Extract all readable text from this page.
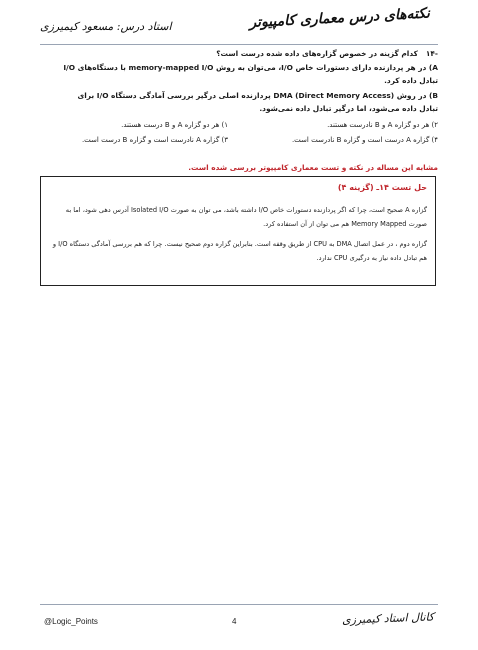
نکته‌های درس معماری کامپیوتر
استاد درس: مسعود کیمیرزی
-۱۴کدام گزینه در خصوص گزاره‌های داده شده درست است؟
A) در هر پردازنده دارای دستورات خاص I/O، می‌توان به روش memory-mapped I/O با دستگاه‌های I/O
تبادل داده کرد.
B) در روش DMA (Direct Memory Access) پردازنده اصلی درگیر بررسی آمادگی دستگاه I/O برای
تبادل داده می‌شود، اما درگیر تبادل داده نمی‌شود.
۱) هر دو گزاره A و B درست هستند.	۲) هر دو گزاره A و B نادرست هستند.
۳) گزاره A نادرست است و گزاره B درست است.	۴) گزاره A درست است و گزاره B نادرست است.
مشابه این مساله در نکته و تست معماری کامپیوتر بررسی شده است.
حل تست ۱۴ـ (گزینه ۴)
گزاره A صحیح است، چرا که اگر پردازنده دستورات خاص I/O داشته باشد، می توان به صورت Isolated I/O آدرس دهی شود، اما به صورت Memory Mapped هم می توان از آن استفاده کرد.
گزاره دوم ، در عمل اتصال DMA به CPU از طریق وقفه است. بنابراین گزاره دوم صحیح نیست. چرا که هم بررسی آمادگی دستگاه I/O و هم تبادل داده نیاز به درگیری CPU ندارد.
@Logic_Points	4	کانال استاد کیمیرزی
